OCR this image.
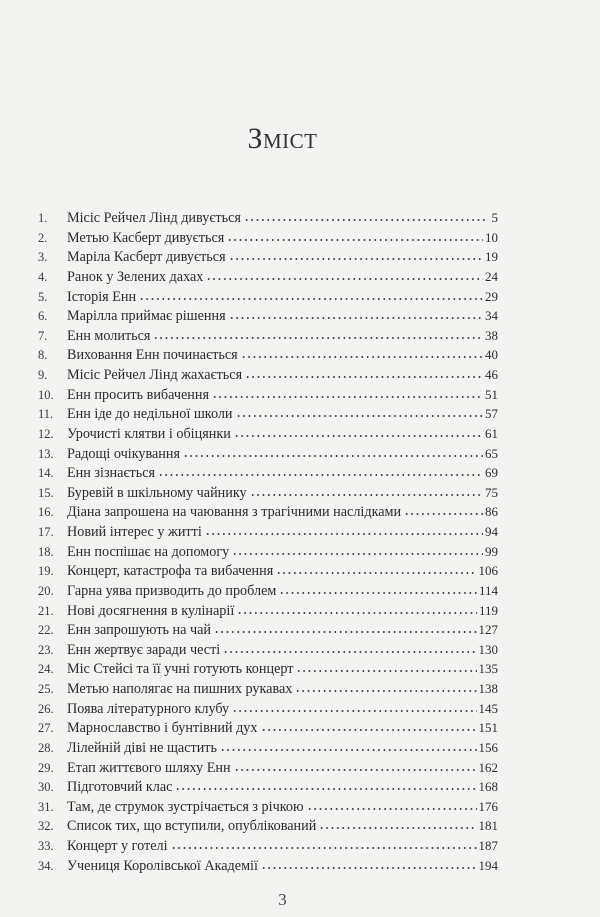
Зміст
1.	Місіс Рейчел Лінд дивується	5
2.	Метью Касберт дивується	10
3.	Маріла Касберт дивується	19
4.	Ранок у Зелених дахах	24
5.	Історія Енн	29
6.	Марілла приймає рішення	34
7.	Енн молиться	38
8.	Виховання Енн починається	40
9.	Місіс Рейчел Лінд жахається	46
10. Енн просить вибачення	51
11. Енн іде до недільної школи	57
12. Урочисті клятви і обіцянки	61
13. Радощі очікування	65
14. Енн зізнається	69
15. Буревій в шкільному чайнику	75
16. Діана запрошена на чаювання з трагічними наслідками	86
17. Новий інтерес у житті	94
18. Енн поспішає на допомогу	99
19. Концерт, катастрофа та вибачення	106
20. Гарна уява призводить до проблем	114
21. Нові досягнення в кулінарії	119
22. Енн запрошують на чай	127
23. Енн жертвує заради честі	130
24. Міс Стейсі та її учні готують концерт	135
25. Метью наполягає на пишних рукавах	138
26. Поява літературного клубу	145
27. Марнославство і бунтівний дух	151
28. Лілейній діві не щастить	156
29. Етап життєвого шляху Енн	162
30. Підготовчий клас	168
31. Там, де струмок зустрічається з річкою	176
32. Список тих, що вступили, опублікований	181
33. Концерт у готелі	187
34. Учениця Королівської Академії	194
3
